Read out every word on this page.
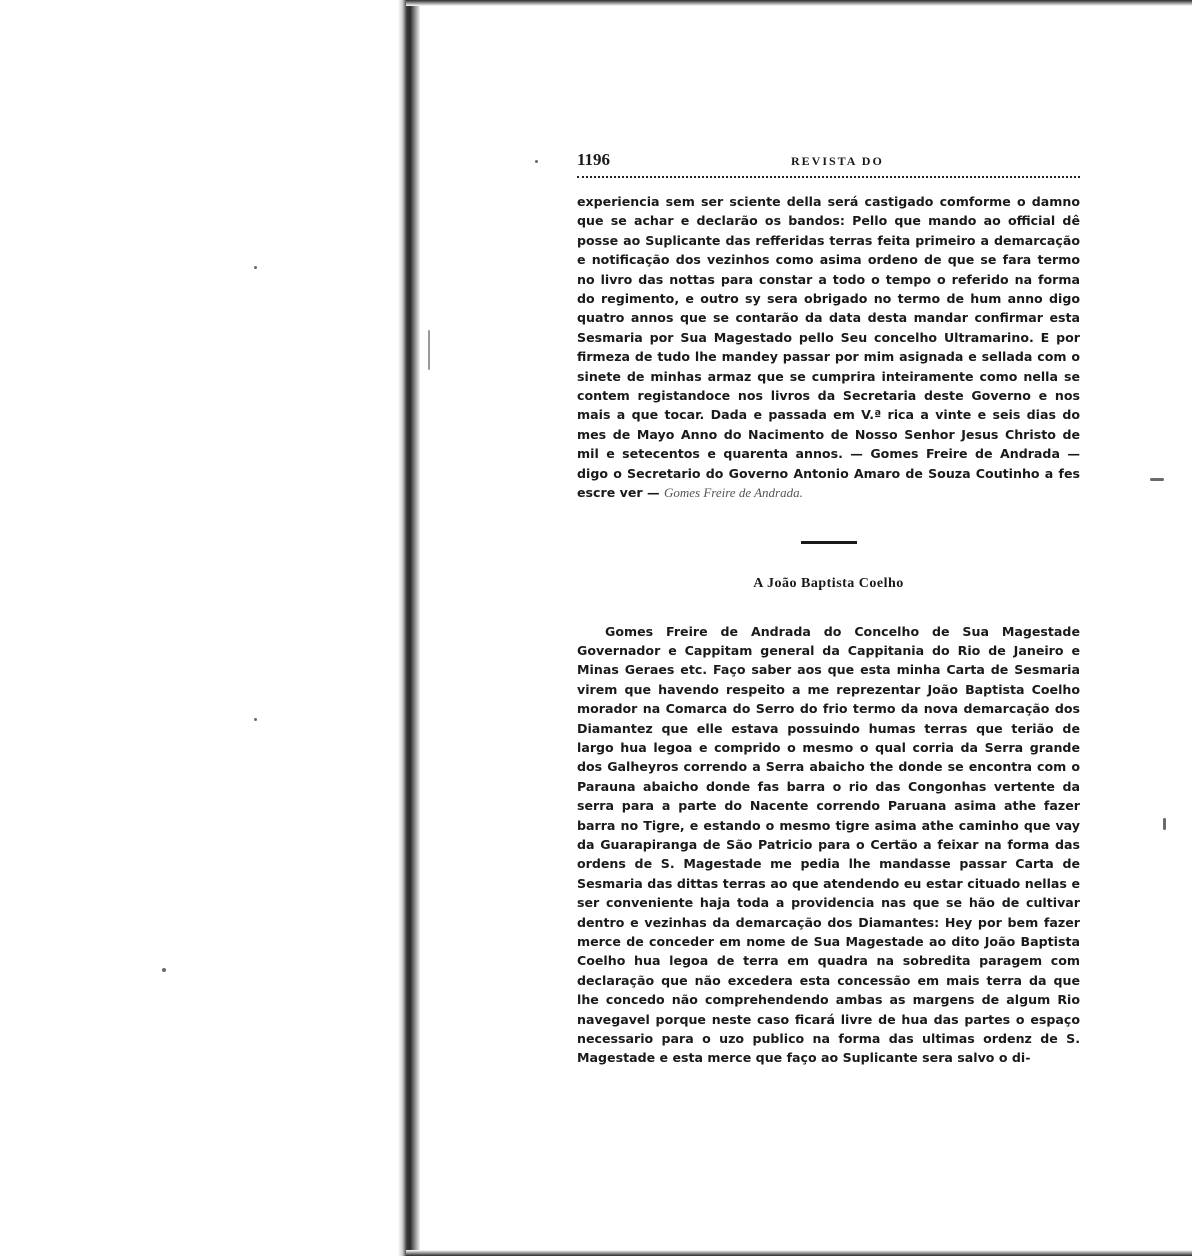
1196	REVISTA DO

experiencia sem ser sciente della será castigado comforme o damno que se achar e declarão os bandos: Pello que mando ao official dê posse ao Suplicante das refferidas terras feita primeiro a demarcação e notificação dos vezinhos como asima ordeno de que se fara termo no livro das nottas para constar a todo o tempo o referido na forma do regimento, e outro sy sera obrigado no termo de hum anno digo quatro annos que se contarão da data desta mandar confirmar esta Sesmaria por Sua Magestado pello Seu concelho Ultramarino. E por firmeza de tudo lhe mandey passar por mim asignada e sellada com o sinete de minhas armaz que se cumprira inteiramente como nella se contem registandoce nos livros da Secretaria deste Governo e nos mais a que tocar. Dada e passada em V.ª rica a vinte e seis dias do mes de Mayo Anno do Nacimento de Nosso Senhor Jesus Christo de mil e setecentos e quarenta annos. — Gomes Freire de Andrada — digo o Secretario do Governo Antonio Amaro de Souza Coutinho a fes escre ver — Gomes Freire de Andrada.

A João Baptista Coelho

Gomes Freire de Andrada do Concelho de Sua Magestade Governador e Cappitam general da Cappitania do Rio de Janeiro e Minas Geraes etc. Faço saber aos que esta minha Carta de Sesmaria virem que havendo respeito a me reprezentar João Baptista Coelho morador na Comarca do Serro do frio termo da nova demarcação dos Diamantez que elle estava possuindo humas terras que terião de largo hua legoa e comprido o mesmo o qual corria da Serra grande dos Galheyros correndo a Serra abaicho the donde se encontra com o Parauna abaicho donde fas barra o rio das Congonhas vertente da serra para a parte do Nacente correndo Paruana asima athe fazer barra no Tigre, e estando o mesmo tigre asima athe caminho que vay da Guarapiranga de São Patricio para o Certão a feixar na forma das ordens de S. Magestade me pedia lhe mandasse passar Carta de Sesmaria das dittas terras ao que atendendo eu estar cituado nellas e ser conveniente haja toda a providencia nas que se hão de cultivar dentro e vezinhas da demarcação dos Diamantes: Hey por bem fazer merce de conceder em nome de Sua Magestade ao dito João Baptista Coelho hua legoa de terra em quadra na sobredita paragem com declaração que não excedera esta concessão em mais terra da que lhe concedo não comprehendendo ambas as margens de algum Rio navegavel porque neste caso ficará livre de hua das partes o espaço necessario para o uzo publico na forma das ultimas ordenz de S. Magestade e esta merce que faço ao Suplicante sera salvo o di-
